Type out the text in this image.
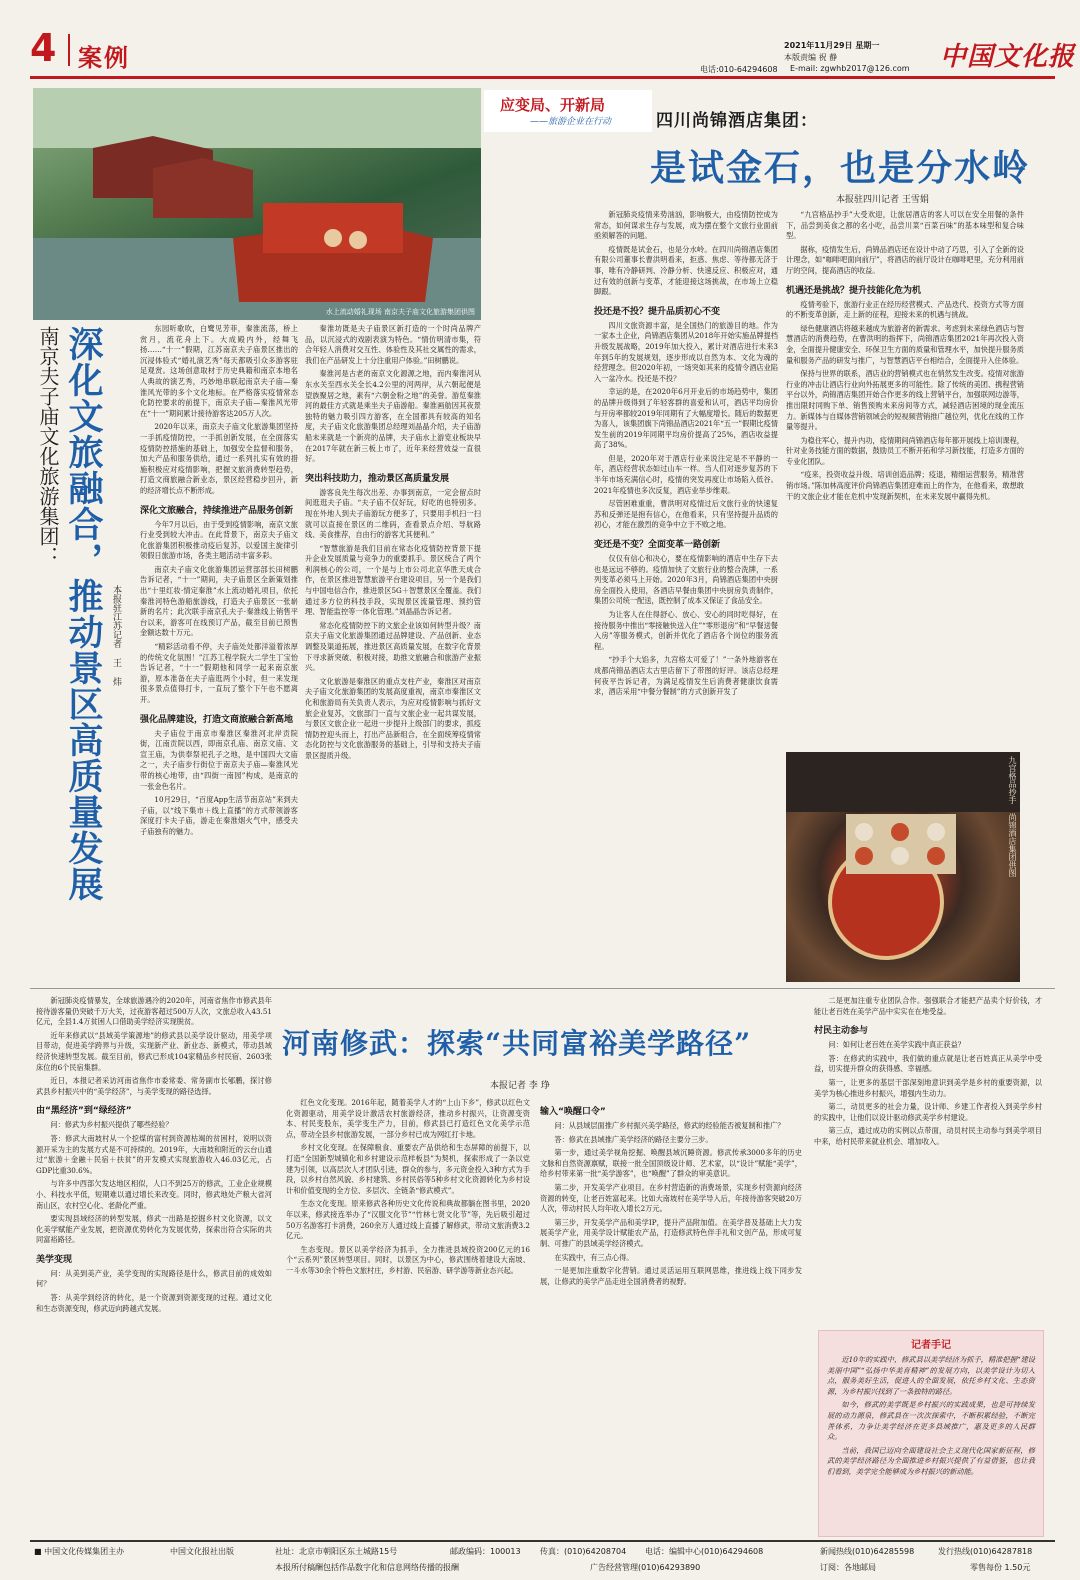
4 案例	2021年11月29日 星期一
本版责编 祝 静
电话:010-64294608 E-mail: zgwhb2017@126.com 中国文化报
水上流动婚礼现场 南京夫子庙文化旅游集团供图
应变局、开新局
——旅游企业在行动	四川尚锦酒店集团：
是试金石，也是分水岭
本报驻四川记者 王雪娟
南京夫子庙文化旅游集团： 深化文旅融合，推动景区高质量发展 本报驻江苏记者 王 炜

东园听歌吹，白鹭见芳菲，秦淮流荡，桥上赏月，流花舟上下。大成殿内外，经舞飞扬……“十一”假期，江苏南京夫子庙景区推出的沉浸体验式“婚礼演艺秀”每天都吸引众多游客驻足观赏。这场创意取材于历史典籍和南京本地名人典故的演艺秀，巧妙地串联起南京夫子庙—秦淮风光带的多个文化地标。在严格落实疫情常态化防控要求的前提下，南京夫子庙—秦淮风光带在“十一”期间累计接待游客达205万人次。

2020年以来，南京夫子庙文化旅游集团坚持一手抓疫情防控，一手抓创新发展，在全面落实疫情防控措施的基础上，加强安全监督和服务，加大产品和服务供给，通过一系列扎实有效的措施积极应对疫情影响，把握文旅消费转型趋势，打造文商旅融合新业态，景区经营稳步回升，新的经济增长点不断形成。

深化文旅融合，持续推进产品服务创新

今年7月以后，由于受到疫情影响，南京文旅行业受到较大冲击。在此背景下，南京夫子庙文化旅游集团积极推动疫后复苏，以爱国主旋律引领假日旅游市场，各类主题活动丰富多彩。

南京夫子庙文化旅游集团运营部部长田树鹏告诉记者，“十一”期间，夫子庙景区全新策划推出“十里红妆·情定秦淮”水上流动婚礼项目，依托秦淮河特色游船旅游线，打造夫子庙景区一张崭新的名片；此次联手南京孔夫子·秦淮线上销售平台以来，游客可在线预订产品，截至目前已预售金额达数十万元。

“精彩活动看不停，夫子庙处处都洋溢着浓厚的传统文化氛围！”江苏工程学院大二学生丁宝怡告诉记者，“十一”假期他和同学一起来南京旅游，原本准备在夫子庙逛两个小时，但一来发现很多景点值得打卡，一直玩了整个下午也不愿离开。

强化品牌建设，打造文商旅融合新高地

夫子庙位于南京市秦淮区秦淮河北岸贡院街，江南贡院以西，即南京孔庙、南京文庙、文宣王庙，为供奉祭祀孔子之地，是中国四大文庙之一，夫子庙步行街位于南京夫子庙—秦淮风光带的核心地带，由“四街一南园”构成，是南京的一张金色名片。

10月29日，“百度App生活节南京站”来到夫子庙，以“线下集市＋线上直播”的方式带领游客深度打卡夫子庙，游走在秦淮烟火气中，感受夫子庙独有的魅力。

秦淮坊既是夫子庙景区新打造的一个时尚品牌产品，以沉浸式的戏剧表演为特色。“情仿明清市集，符合年轻人消费对交互性、体验性及其社交属性的需求，我们在产品研发上十分注重用户体验。”田树鹏说。

秦淮河是古老的南京文化源源之地，而内秦淮河从东水关至西水关全长4.2公里的河两岸，从六朝起便是望族聚居之地，素有“六朝金粉之地”的美誉。游览秦淮河的最佳方式就是乘坐夫子庙游船。秦淮画舫因其夜景独特的魅力吸引四方游客，在全国都具有较高的知名度，夫子庙文化旅游集团总经理刘晶晶介绍，夫子庙游船未来就是一个新亮的品牌，夫子庙水上游览业板块早在2017年就在新三板上市了，近年来经营效益一直很好。

突出科技助力，推动景区高质量发展

游客良先生每次出差、办事到南京，一定会留点时间逛逛夫子庙。“夫子庙不仅好玩，好吃的也特别多。现在外地人到夫子庙游玩方便多了，只要用手机扫一扫就可以直接在景区的二维码，查看景点介绍、导航路线、美食推荐，自由行的游客尤其便利。”

“智慧旅游是我们目前在常态化疫情防控背景下提升企业发展质量与竞争力的重要抓手。景区统合了两个利润核心的公司，一个是与上市公司北京华胜天成合作，在景区推进智慧旅游平台建设项目，另一个是我们与中国电信合作，推进景区5G＋智慧景区全覆盖。我们通过多方位的科技手段，实现景区流量管理、预约管理、智能监控等一体化管理。”刘晶晶告诉记者。

常态化疫情防控下的文旅企业该如何转型升级？南京夫子庙文化旅游集团通过品牌建设、产品创新、业态调整及渠道拓展，推进景区高质量发展，在数字化背景下寻求新突破、积极对接，助推文旅融合和旅游产业振兴。

文化旅游是秦淮区的重点支柱产业，秦淮区对南京夫子庙文化旅游集团的发展高度重视，南京市秦淮区文化和旅游局有关负责人表示，为应对疫情影响与抓好文旅企业复苏，文旅部门一直与文旅企业一起共谋发展，与景区文旅企业一起进一步提升上级部门的要求，抓疫情防控迎头而上，打出产品新组合，在全面统筹疫情常态化防控与文化旅游服务的基础上，引导和支持夫子庙景区提质升级。

新冠肺炎疫情来势汹汹，影响极大，由疫情防控成为常态，如何谋求生存与发展，成为摆在整个文旅行业面前亟须解答的问题。

疫情既是试金石，也是分水岭。在四川尚锦酒店集团有限公司董事长曹洪明看来，拒惑、焦虑、等待都无济于事，唯有冷静研判、冷静分析、快速反应、积极应对，通过有效的创新与变革，才能迎接这场挑战，在市场上立稳脚跟。

投还是不投？提升品质初心不变

四川文旅资源丰富，是全国热门的旅游目的地。作为一家本土企业，尚锦酒店集团从2018年开始实施品牌提档升级发展战略，2019年加大投入，累计对酒店进行未来3年到5年的发展规划，逐步形成以自然为本、文化为魂的经营理念。但2020年初，一场突如其来的疫情令酒店业陷入一盆冷水。投还是不投？

幸运的是，在2020年6月开业后的市场趋势中，集团的品牌升级得到了年轻客群的喜爱和认可，酒店平均房价与开房率都较2019年同期有了大幅度增长。随后的数据更为喜人，该集团旗下尚锦品酒店2021年“五一”假期比疫情发生前的2019年同期平均房价提高了25%，酒店收益提高了38%。

但是，2020年对于酒店行业来说注定是不平静的一年，酒店经营状态如过山车一样。当人们对逐步复苏的下半年市场充满信心时，疫情的突发再度让市场陷入低谷。2021年疫情也多次反复，酒店业举步维艰。

尽管困难重重，曹洪明对疫情过后文旅行业的快速复苏和反弹还是抱有信心，在他看来，只有坚持提升品质的初心，才能在激烈的竞争中立于不败之地。

变还是不变？全面变革一路创新

仅仅有信心和决心，要在疫情影响的酒店中生存下去也是远远不够的。疫情加快了文旅行业的整合洗牌，一系列变革必须马上开始。2020年3月，尚锦酒店集团中央厨房全面投入使用，各酒店早餐由集团中央厨房负责制作，集团公司统一配送，既控制了成本又保证了食品安全。

为让客人在住得舒心、放心、安心的同时吃得好，在接待服务中推出“零接触快送入住”“零形退房”和“早餐送餐入房”等服务模式，创新并优化了酒店各个岗位的服务流程。

“抄手个大馅多，九宫格太可爱了！”一条外地游客在成都尚锦品酒店太古里店留下了带图的好评。该店总经理何夜平告诉记者，为满足疫情发生后消费者健康饮食需求，酒店采用“中餐分餐制”的方式创新开发了

“九宫格品抄手”大受欢迎，让旅居酒店的客人可以在安全用餐的条件下，品尝到美食之都的名小吃，品尝川菜“百菜百味”的基本味型和复合味型。

据称，疫情发生后，尚锦品酒店还在设计中动了巧思，引入了全新的设计理念，如“咖啡吧面向前厅”，将酒店的前厅设计在咖啡吧里，充分利用前厅的空间，提高酒店的收益。

机遇还是挑战？提升技能化危为机

疫情考验下，旅游行业正在经历经营模式、产品迭代、投资方式等方面的不断变革创新，走上新的征程，迎接未来的机遇与挑战。

绿色健康酒店将越来越成为旅游者的新需求。考虑到未来绿色酒店与智慧酒店的消费趋势，在曹洪明的指挥下，尚锦酒店集团2021年再次投入资金，全面提升健康安全、环保卫生方面的质量和管理水平，加快提升服务质量和服务产品的研发与推广，与智慧酒店平台相结合，全面提升入住体验。

保持与世界的联系，酒店业的营销模式也在悄然发生改变。疫情对旅游行业的冲击让酒店行业向外拓展更多的可能性。除了传统的美团、携程营销平台以外，尚锦酒店集团开始合作更多的线上营销平台，加强联网边游等，推出限时同购下单、销售预购未来房间等方式，减轻酒店困境的现金流压力。新媒体与自媒体营销领域会的短视频营销推广越位列，优化在线的工作量等提升。

为稳住军心，提升内功，疫情期间尚锦酒店每年都开展线上培训课程，针对业务技能方面的数据，鼓励员工不断开拓和学习新技能，打造多方面的专业化团队。

“疫来，投资收益升级、培训创造品牌；疫退，精细运营服务，精准营销市场。”陈加林高度评价尚锦酒店集团迎难而上的作为，在他看来，敢想敢干的文旅企业才能在危机中发现新契机，在未来发展中赢得先机。

九宫格品抄手 尚锦酒店集团供图

新冠肺炎疫情暴发，全球旅游遇冷的2020年，河南省焦作市修武县年接待游客量仍突破千万大关，过夜游客超过500万人次，文旅总收入43.51亿元，全县1.4万贫困人口借助美学经济实现脱贫。

近年来修武以“县域美学策源地”的修武县以美学设计驱动，用美学项目带动，促进美学跨界与升级，实现新产业、新业态、新模式，带动县域经济快速转型发展。截至目前，修武已形成104家精品乡村民宿、2603张床位的6个民宿集群。

近日，本报记者采访河南省焦作市委常委、常务副市长郇鹏，探讨修武县乡村振兴中的“美学经济”，与美学变现的路径选择。

由“黑经济”到“绿经济”

问：修武为乡村振兴提供了哪些经验？

答：修武大南坡村从一个挖煤的富村到资源枯竭的贫困村，说明以资源开采为主的发展方式是不可持续的。2019年，大南坡和附近的云台山通过“旅游＋金融＋民宿＋扶贫”的开发模式实现旅游收入46.03亿元，占GDP比重30.6%。

与许多中西部欠发达地区相似，人口不到25万的修武，工业企业规模小、科技水平低，短期难以通过增长来改变。同时，修武地处产粮大省河南山区，农村空心化、老龄化严重。

要实现县域经济的转型发展，修武一出路是挖掘乡村文化资源，以文化美学赋能产业发展，把资源优势转化为发展优势，探索出符合实际的共同富裕路径。

美学变现

问：从美到美产业，美学变现的实现路径是什么，修武目前的成效如何？

答：从美学到经济的转化，是一个资源到资源变现的过程。通过文化和生态资源变现，修武迈向跨越式发展。

河南修武：探索“共同富裕美学路径”
本报记者 李 琤

红色文化变现。2016年起，随着美学人才的“上山下乡”，修武以红色文化资源驱动，用美学设计激活农村旅游经济，推动乡村振兴，让资源变资本、村民变股东，美学变生产力，目前，修武县已打造红色文化美学示范点，带动全县乡村旅游发展，一部分乡村已成为网红打卡地。

乡村文化变现。在保障粮食、重要农产品供给和生态屏障的前提下，以打造“全国新型城镇化和乡村建设示范样板县”为契机，探索形成了一条以党建为引领，以高层次人才团队引进，群众的参与，多元资金投入3种方式为手段，以乡村自然风貌、乡村建筑、乡村民俗等5种乡村文化资源转化为乡村设计和价值变现的全方位、多层次、全链条“修武模式”。

生态文化变现。原来修武各种历史文化传说和典故都躺在图书里，2020年以来，修武接连举办了“汉服文化节”“竹林七贤文化节”等，先后吸引超过50万名游客打卡消费，260余万人通过线上直播了解修武，带动文旅消费3.2亿元。

生态变现。景区以美学经济为抓手，全力推进县域投资200亿元的16个“云系列”景区转型项目。同时，以景区为中心，修武围绕着建设大南坡、一斗水等30余个特色文旅村庄，乡村游、民宿游、研学游等新业态兴起。

输入“唤醒口令”

问：从县域层面推广乡村振兴美学路径，修武的经验能否被复制和推广？

答：修武在县域推广美学经济的路径主要分三步。

第一步，通过美学视角挖掘、唤醒县域沉睡资源。修武传承3000多年的历史文脉和自然资源禀赋，联接一批全国顶级设计师、艺术家，以“设计”赋能“美学”，给乡村带来第一批“美学游客”，也“唤醒”了群众的审美意识。

第二步，开发美学产业项目。在乡村营造新的消费场景，实现乡村资源向经济资源的转变，让老百姓富起来。比如大南坡村在美学导入后，年接待游客突破20万人次，带动村民人均年收入增长2万元。

第三步，开发美学产品和美学IP，提升产品附加值。在美学普及基础上大力发展美学产业，用美学设计赋能农产品，打造修武特色伴手礼和文创产品，形成可复制、可推广的县域美学经济模式。

在实践中，有三点心得。

一是更加注重数字化营销。通过灵活运用互联网思维，推进线上线下同步发展，让修武的美学产品走进全国消费者的视野。

二是更加注重专业团队合作。强强联合才能把产品卖个好价钱，才能让老百姓在美学产品中实实在在地受益。

村民主动参与

问：如何让老百姓在美学实践中真正获益？

答：在修武的实践中，我们做的重点就是让老百姓真正从美学中受益，切实提升群众的获得感、幸福感。

第一，让更多的基层干部深刻地意识到美学是乡村的重要资源，以美学为核心推进乡村振兴，增强内生动力。

第二，动员更多的社会力量，设计师、乡建工作者投入到美学乡村的实践中，让他们以设计驱动修武美学乡村建设。

第三点，通过成功的实例以点带面，动员村民主动参与到美学项目中来，给村民带来就业机会、增加收入。

记者手记

近10年的实践中，修武县以美学经济为抓手，精准把握“建设美丽中国”“弘扬中华美育精神”的发展方向，以美学设计为切入点，服务美好生活，促进人的全面发展，依托乡村文化、生态资源，为乡村振兴找到了一条独特的路径。

如今，修武的美学既是乡村振兴的实践成果，也是可持续发展的动力源泉，修武县在一次次探索中，不断积累经验，不断完善体系，力争让美学经济在更多县域推广，惠及更多的人民群众。

当前，我国已迈向全面建设社会主义现代化国家新征程，修武的美学经济路径为全面推进乡村振兴提供了有益借鉴，也让我们看到，美学完全能够成为乡村振兴的新动能。

■ 中国文化传媒集团主办	中国文化报社出版	社址：北京市朝阳区东土城路15号	邮政编码：100013 传真：(010)64208704 电话：编辑中心(010)64294608	新闻热线(010)64285598	发行热线(010)64287818
本报所付稿酬包括作品数字化和信息网络传播的报酬	广告经营管理(010)64293890	订阅：各地邮局	零售每份 1.50元
